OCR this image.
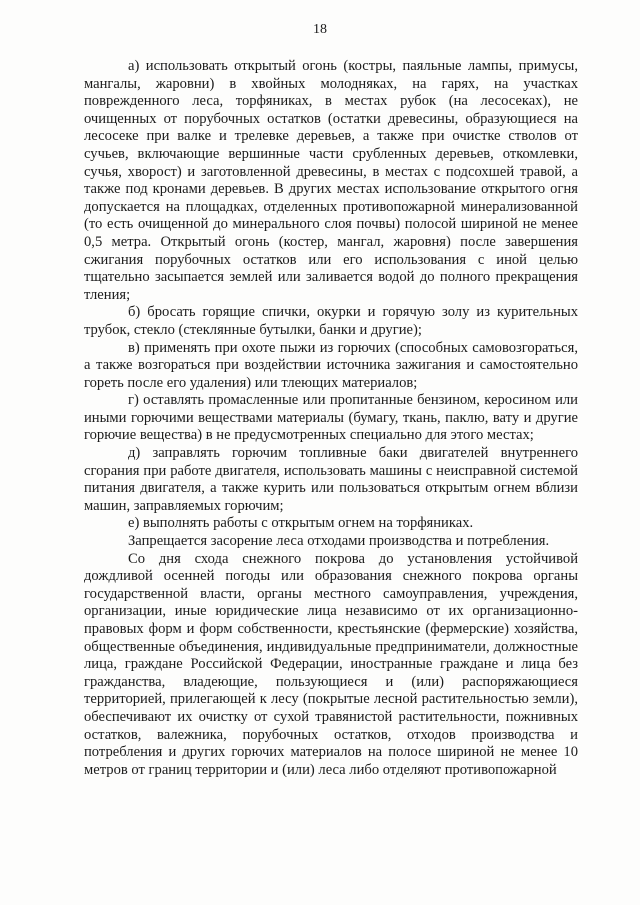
18

а) использовать открытый огонь (костры, паяльные лампы, примусы, мангалы, жаровни) в хвойных молодняках, на гарях, на участках поврежденного леса, торфяниках, в местах рубок (на лесосеках), не очищенных от порубочных остатков (остатки древесины, образующиеся на лесосеке при валке и трелевке деревьев, а также при очистке стволов от сучьев, включающие вершинные части срубленных деревьев, откомлевки, сучья, хворост) и заготовленной древесины, в местах с подсохшей травой, а также под кронами деревьев. В других местах использование открытого огня допускается на площадках, отделенных противопожарной минерализованной (то есть очищенной до минерального слоя почвы) полосой шириной не менее 0,5 метра. Открытый огонь (костер, мангал, жаровня) после завершения сжигания порубочных остатков или его использования с иной целью тщательно засыпается землей или заливается водой до полного прекращения тления;

б) бросать горящие спички, окурки и горячую золу из курительных трубок, стекло (стеклянные бутылки, банки и другие);

в) применять при охоте пыжи из горючих (способных самовозгораться, а также возгораться при воздействии источника зажигания и самостоятельно гореть после его удаления) или тлеющих материалов;

г) оставлять промасленные или пропитанные бензином, керосином или иными горючими веществами материалы (бумагу, ткань, паклю, вату и другие горючие вещества) в не предусмотренных специально для этого местах;

д) заправлять горючим топливные баки двигателей внутреннего сгорания при работе двигателя, использовать машины с неисправной системой питания двигателя, а также курить или пользоваться открытым огнем вблизи машин, заправляемых горючим;

е) выполнять работы с открытым огнем на торфяниках.

Запрещается засорение леса отходами производства и потребления.

Со дня схода снежного покрова до установления устойчивой дождливой осенней погоды или образования снежного покрова органы государственной власти, органы местного самоуправления, учреждения, организации, иные юридические лица независимо от их организационно-правовых форм и форм собственности, крестьянские (фермерские) хозяйства, общественные объединения, индивидуальные предприниматели, должностные лица, граждане Российской Федерации, иностранные граждане и лица без гражданства, владеющие, пользующиеся и (или) распоряжающиеся территорией, прилегающей к лесу (покрытые лесной растительностью земли), обеспечивают их очистку от сухой травянистой растительности, пожнивных остатков, валежника, порубочных остатков, отходов производства и потребления и других горючих материалов на полосе шириной не менее 10 метров от границ территории и (или) леса либо отделяют противопожарной
